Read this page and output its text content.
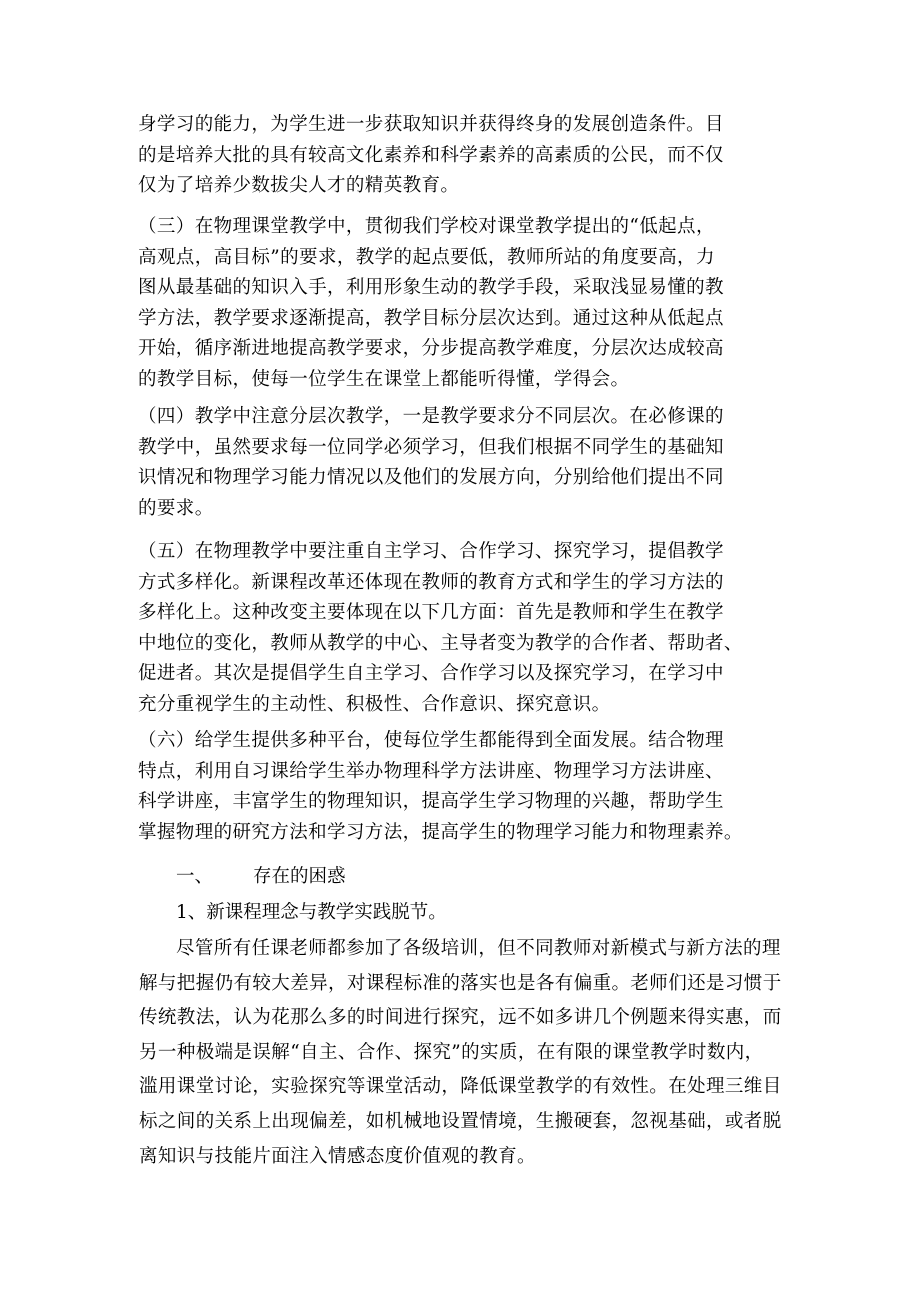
身学习的能力，为学生进一步获取知识并获得终身的发展创造条件。目
的是培养大批的具有较高文化素养和科学素养的高素质的公民，而不仅
仅为了培养少数拔尖人才的精英教育。
（三）在物理课堂教学中，贯彻我们学校对课堂教学提出的“低起点，
高观点，高目标”的要求，教学的起点要低，教师所站的角度要高，力
图从最基础的知识入手，利用形象生动的教学手段，采取浅显易懂的教
学方法，教学要求逐渐提高，教学目标分层次达到。通过这种从低起点
开始，循序渐进地提高教学要求，分步提高教学难度，分层次达成较高
的教学目标，使每一位学生在课堂上都能听得懂，学得会。
（四）教学中注意分层次教学，一是教学要求分不同层次。在必修课的
教学中，虽然要求每一位同学必须学习，但我们根据不同学生的基础知
识情况和物理学习能力情况以及他们的发展方向，分别给他们提出不同
的要求。
（五）在物理教学中要注重自主学习、合作学习、探究学习，提倡教学
方式多样化。新课程改革还体现在教师的教育方式和学生的学习方法的
多样化上。这种改变主要体现在以下几方面：首先是教师和学生在教学
中地位的变化，教师从教学的中心、主导者变为教学的合作者、帮助者、
促进者。其次是提倡学生自主学习、合作学习以及探究学习，在学习中
充分重视学生的主动性、积极性、合作意识、探究意识。
（六）给学生提供多种平台，使每位学生都能得到全面发展。结合物理
特点，利用自习课给学生举办物理科学方法讲座、物理学习方法讲座、
科学讲座，丰富学生的物理知识，提高学生学习物理的兴趣，帮助学生
掌握物理的研究方法和学习方法，提高学生的物理学习能力和物理素养。
一、 存在的困惑
1、新课程理念与教学实践脱节。
尽管所有任课老师都参加了各级培训，但不同教师对新模式与新方法的理
解与把握仍有较大差异，对课程标准的落实也是各有偏重。老师们还是习惯于
传统教法，认为花那么多的时间进行探究，远不如多讲几个例题来得实惠，而
另一种极端是误解“自主、合作、探究”的实质，在有限的课堂教学时数内，
滥用课堂讨论，实验探究等课堂活动，降低课堂教学的有效性。在处理三维目
标之间的关系上出现偏差，如机械地设置情境，生搬硬套，忽视基础，或者脱
离知识与技能片面注入情感态度价值观的教育。
